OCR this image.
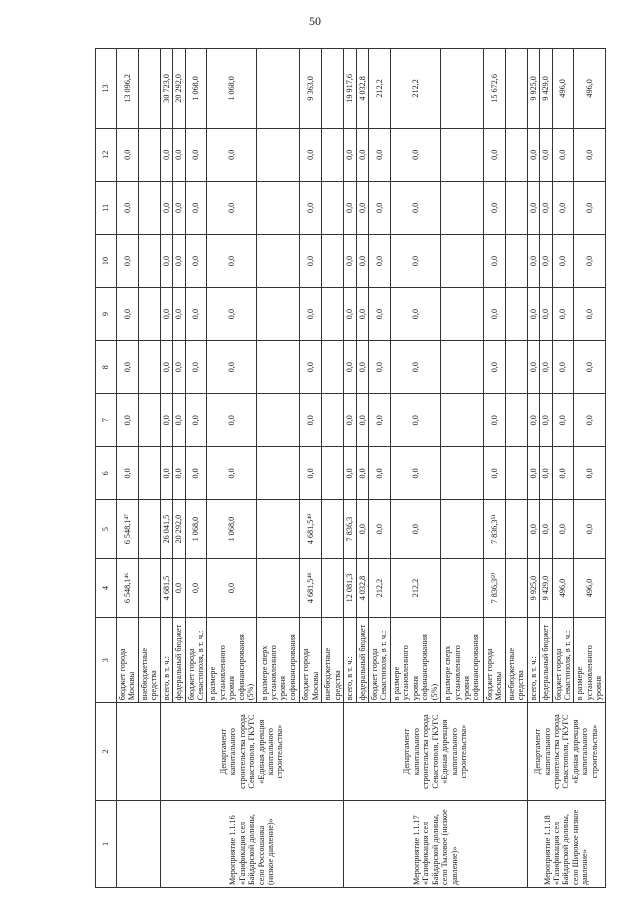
50
1	2	3	4	5	6	7	8	9	10	11	12	13
		бюджет города Москвы	6 548,1⁴⁶	6 548,1⁴⁷	0,0	0,0	0,0	0,0	0,0	0,0	0,0	13 096,2
		внебюджетные средства										
Мероприятие 1.1.16 «Газификация сел Байдарской долины, село Россошанка (низкое давление)»	Департамент капитального строительства города Севастополя, ГКУГС «Единая дирекция капитального строительства»	всего, в т. ч.:	4 681,5	26 041,5	0,0	0,0	0,0	0,0	0,0	0,0	0,0	30 723,0
		федеральный бюджет	0,0	20 292,0	0,0	0,0	0,0	0,0	0,0	0,0	0,0	20 292,0
		бюджет города Севастополя, в т. ч.:	0,0	1 068,0	0,0	0,0	0,0	0,0	0,0	0,0	0,0	1 068,0
		в размере установленного уровня софинансирования (5%)	0,0	1 068,0	0,0	0,0	0,0	0,0	0,0	0,0	0,0	1 068,0
		в размере сверх установленного уровня софинансирования										
		бюджет города Москвы	4 681,5⁴⁸	4 681,5⁴⁹	0,0	0,0	0,0	0,0	0,0	0,0	0,0	9 363,0
		внебюджетные средства										
Мероприятие 1.1.17 «Газификация сел Байдарской долины, село Тыловое (низкое давление)»	Департамент капитального строительства города Севастополя, ГКУГС «Единая дирекция капитального строительства»	всего, в т. ч.:	12 081,3	7 836,3	0,0	0,0	0,0	0,0	0,0	0,0	0,0	19 917,6
		федеральный бюджет	4 032,8	0,0	0,0	0,0	0,0	0,0	0,0	0,0	0,0	4 032,8
		бюджет города Севастополя, в т. ч.:	212,2	0,0	0,0	0,0	0,0	0,0	0,0	0,0	0,0	212,2
		в размере установленного уровня софинансирования (5%)	212,2	0,0	0,0	0,0	0,0	0,0	0,0	0,0	0,0	212,2
		в размере сверх установленного уровня софинансирования										
		бюджет города Москвы	7 836,3⁵⁰	7 836,3⁵¹	0,0	0,0	0,0	0,0	0,0	0,0	0,0	15 672,6
		внебюджетные средства										
Мероприятие 1.1.18 «Газификация сел Байдарской долины, село Широкое низкое давление»	Департамент капитального строительства города Севастополя, ГКУГС «Единая дирекция капитального строительства»	всего, в т. ч.:	9 925,0	0,0	0,0	0,0	0,0	0,0	0,0	0,0	0,0	9 925,0
		федеральный бюджет	9 429,0	0,0	0,0	0,0	0,0	0,0	0,0	0,0	0,0	9 429,0
		бюджет города Севастополя, в т. ч.:	496,0	0,0	0,0	0,0	0,0	0,0	0,0	0,0	0,0	496,0
		в размере установленного уровня	496,0	0,0	0,0	0,0	0,0	0,0	0,0	0,0	0,0	496,0
